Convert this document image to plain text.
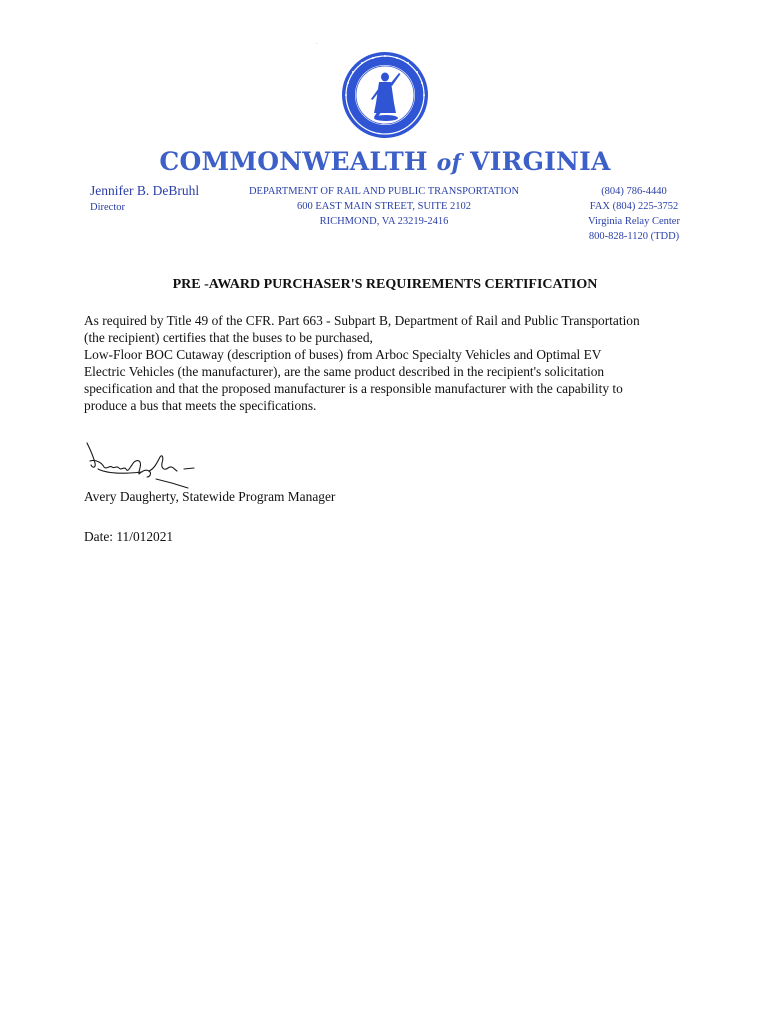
.
COMMONWEALTH of VIRGINIA
Jennifer B. DeBruhl
Director
DEPARTMENT OF RAIL AND PUBLIC TRANSPORTATION
600 EAST MAIN STREET, SUITE 2102
RICHMOND, VA 23219-2416
(804) 786-4440
FAX (804) 225-3752
Virginia Relay Center
800-828-1120 (TDD)
PRE -AWARD PURCHASER'S REQUIREMENTS CERTIFICATION
As required by Title 49 of the CFR. Part 663 - Subpart B, Department of Rail and Public Transportation
(the recipient) certifies that the buses to be purchased,
Low-Floor BOC Cutaway (description of buses) from Arboc Specialty Vehicles and Optimal EV
Electric Vehicles (the manufacturer), are the same product described in the recipient's solicitation
specification and that the proposed manufacturer is a responsible manufacturer with the capability to
produce a bus that meets the specifications.
Avery Daugherty, Statewide Program Manager
Date: 11/012021
